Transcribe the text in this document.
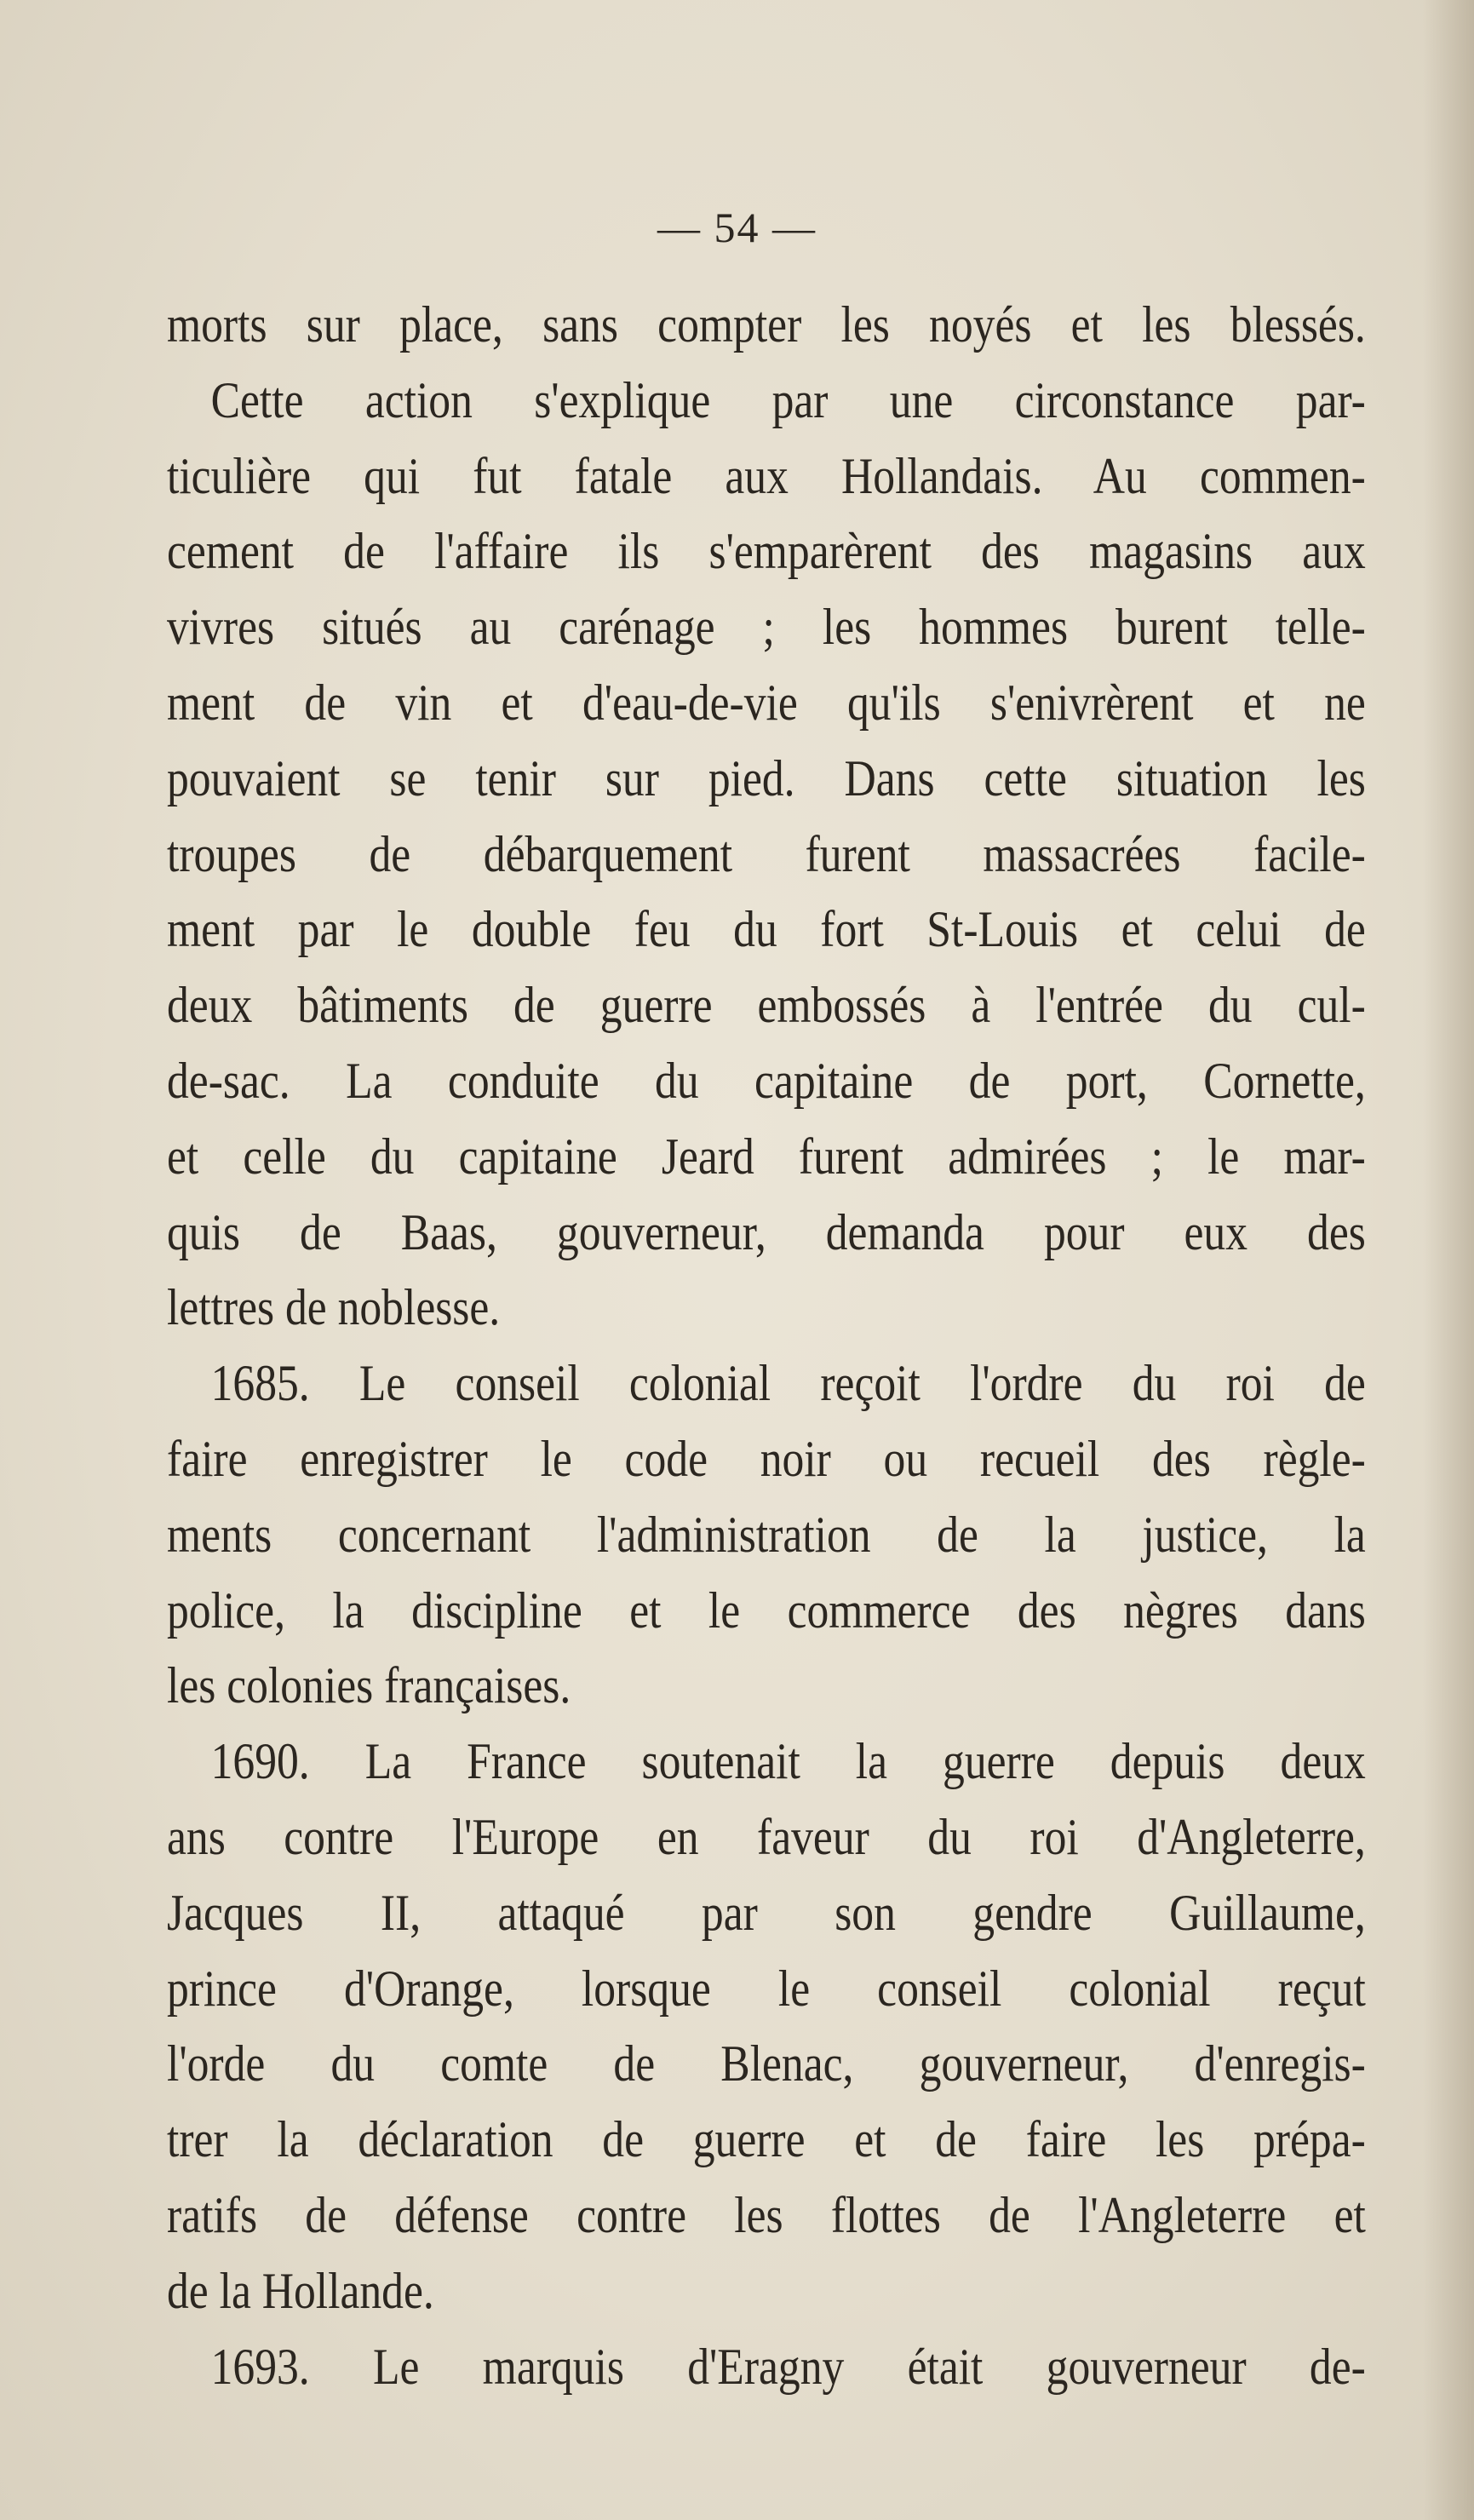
— 54 —
morts sur place, sans compter les noyés et les blessés.
Cette action s'explique par une circonstance par-
ticulière qui fut fatale aux Hollandais. Au commen-
cement de l'affaire ils s'emparèrent des magasins aux
vivres situés au carénage ; les hommes burent telle-
ment de vin et d'eau-de-vie qu'ils s'enivrèrent et ne
pouvaient se tenir sur pied. Dans cette situation les
troupes de débarquement furent massacrées facile-
ment par le double feu du fort St-Louis et celui de
deux bâtiments de guerre embossés à l'entrée du cul-
de-sac. La conduite du capitaine de port, Cornette,
et celle du capitaine Jeard furent admirées ; le mar-
quis de Baas, gouverneur, demanda pour eux des
lettres de noblesse.
1685. Le conseil colonial reçoit l'ordre du roi de
faire enregistrer le code noir ou recueil des règle-
ments concernant l'administration de la justice, la
police, la discipline et le commerce des nègres dans
les colonies françaises.
1690. La France soutenait la guerre depuis deux
ans contre l'Europe en faveur du roi d'Angleterre,
Jacques II, attaqué par son gendre Guillaume,
prince d'Orange, lorsque le conseil colonial reçut
l'orde du comte de Blenac, gouverneur, d'enregis-
trer la déclaration de guerre et de faire les prépa-
ratifs de défense contre les flottes de l'Angleterre et
de la Hollande.
1693. Le marquis d'Eragny était gouverneur de-
